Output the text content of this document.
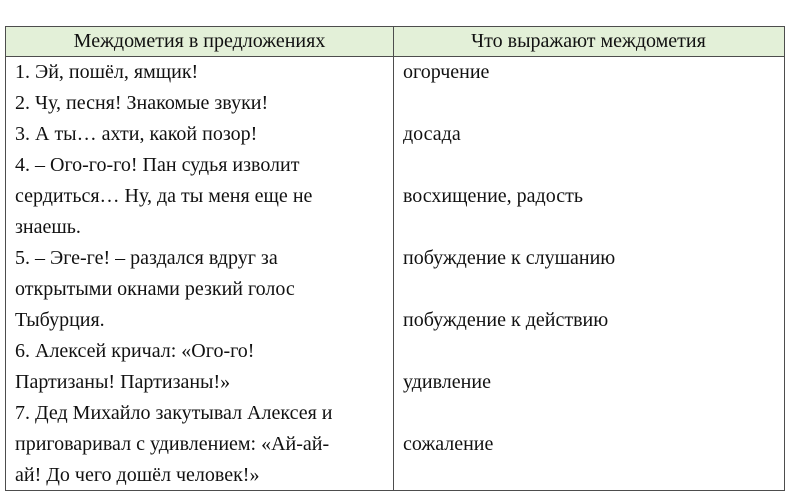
Междометия в предложениях	Что выражают междометия
1. Эй, пошёл, ямщик!
2. Чу, песня! Знакомые звуки!
3. А ты… ахти, какой позор!
4. – Ого-го-го! Пан судья изволит
сердиться… Ну, да ты меня еще не
знаешь.
5. – Эге-ге! – раздался вдруг за
открытыми окнами резкий голос
Тыбурция.
6. Алексей кричал: «Ого-го!
Партизаны! Партизаны!»
7. Дед Михайло закутывал Алексея и
приговаривал с удивлением: «Ай-ай-
ай! До чего дошёл человек!»
огорчение
досада
восхищение, радость
побуждение к слушанию
побуждение к действию
удивление
сожаление
